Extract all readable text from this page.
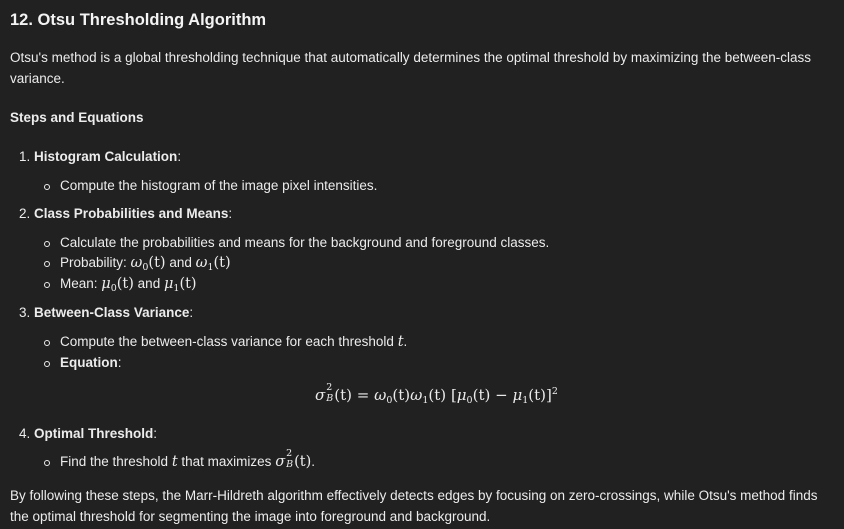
12. Otsu Thresholding Algorithm

Otsu's method is a global thresholding technique that automatically determines the optimal threshold by maximizing the between-class variance.

Steps and Equations

1. Histogram Calculation:

Compute the histogram of the image pixel intensities.

2. Class Probabilities and Means:

Calculate the probabilities and means for the background and foreground classes.

Probability: $\omega_0(t)$ and $\omega_1(t)$

Mean: $\mu_0(t)$ and $\mu_1(t)$

3. Between-Class Variance:

Compute the between-class variance for each threshold t.

Equation:

σ 2
B $(t) = \omega_0(t)\omega_1(t) [\mu_0(t) - \mu_1(t)]^2$

4. Optimal Threshold:

Find the threshold t that maximizes σ
2
B (t).

By following these steps, the Marr-Hildreth algorithm effectively detects edges by focusing on zero-crossings, while Otsu's method finds the optimal threshold for segmenting the image into foreground and background.
